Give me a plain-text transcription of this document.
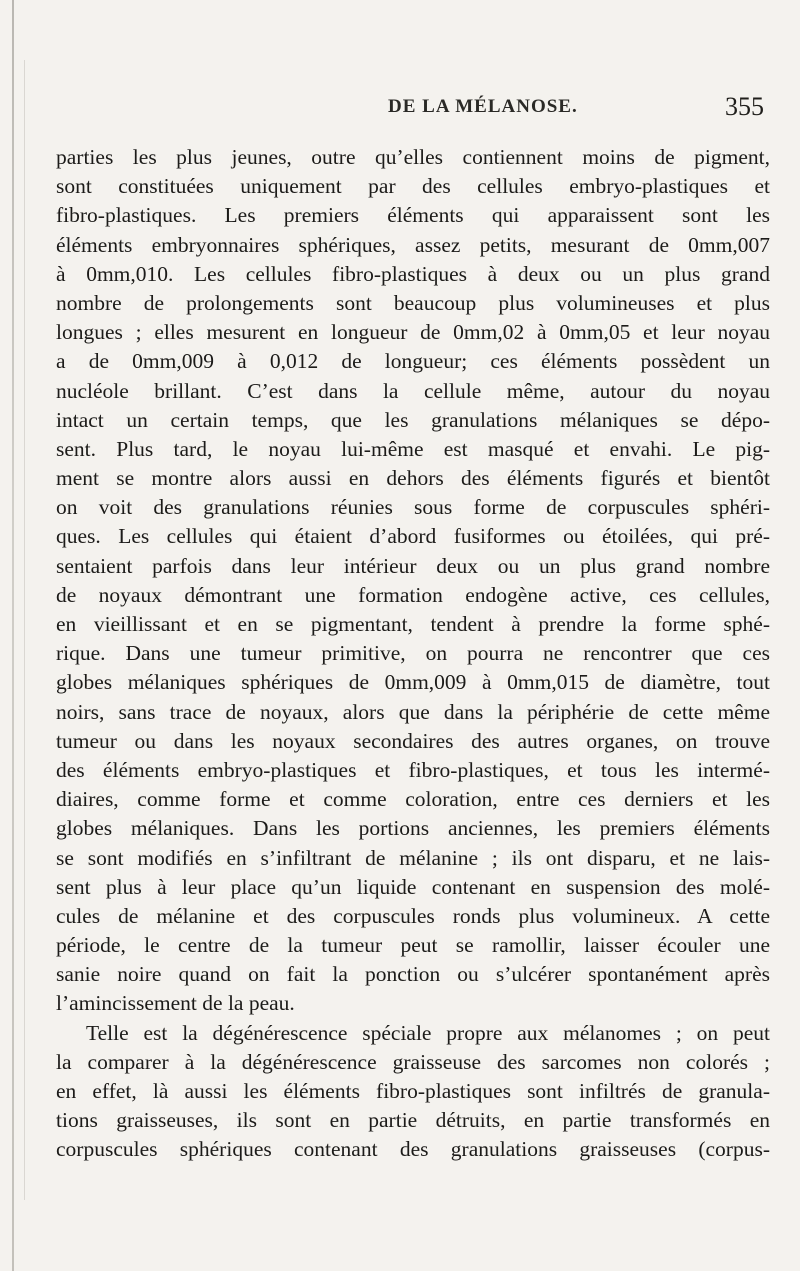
DE LA MÉLANOSE.	355
parties les plus jeunes, outre qu’elles contiennent moins de pigment,
sont constituées uniquement par des cellules embryo-plastiques et
fibro-plastiques. Les premiers éléments qui apparaissent sont les
éléments embryonnaires sphériques, assez petits, mesurant de 0mm,007
à 0mm,010. Les cellules fibro-plastiques à deux ou un plus grand
nombre de prolongements sont beaucoup plus volumineuses et plus
longues ; elles mesurent en longueur de 0mm,02 à 0mm,05 et leur noyau
a de 0mm,009 à 0,012 de longueur; ces éléments possèdent un
nucléole brillant. C’est dans la cellule même, autour du noyau
intact un certain temps, que les granulations mélaniques se dépo-
sent. Plus tard, le noyau lui-même est masqué et envahi. Le pig-
ment se montre alors aussi en dehors des éléments figurés et bientôt
on voit des granulations réunies sous forme de corpuscules sphéri-
ques. Les cellules qui étaient d’abord fusiformes ou étoilées, qui pré-
sentaient parfois dans leur intérieur deux ou un plus grand nombre
de noyaux démontrant une formation endogène active, ces cellules,
en vieillissant et en se pigmentant, tendent à prendre la forme sphé-
rique. Dans une tumeur primitive, on pourra ne rencontrer que ces
globes mélaniques sphériques de 0mm,009 à 0mm,015 de diamètre, tout
noirs, sans trace de noyaux, alors que dans la périphérie de cette même
tumeur ou dans les noyaux secondaires des autres organes, on trouve
des éléments embryo-plastiques et fibro-plastiques, et tous les intermé-
diaires, comme forme et comme coloration, entre ces derniers et les
globes mélaniques. Dans les portions anciennes, les premiers éléments
se sont modifiés en s’infiltrant de mélanine ; ils ont disparu, et ne lais-
sent plus à leur place qu’un liquide contenant en suspension des molé-
cules de mélanine et des corpuscules ronds plus volumineux. A cette
période, le centre de la tumeur peut se ramollir, laisser écouler une
sanie noire quand on fait la ponction ou s’ulcérer spontanément après
l’amincissement de la peau.
Telle est la dégénérescence spéciale propre aux mélanomes ; on peut
la comparer à la dégénérescence graisseuse des sarcomes non colorés ;
en effet, là aussi les éléments fibro-plastiques sont infiltrés de granula-
tions graisseuses, ils sont en partie détruits, en partie transformés en
corpuscules sphériques contenant des granulations graisseuses (corpus-
